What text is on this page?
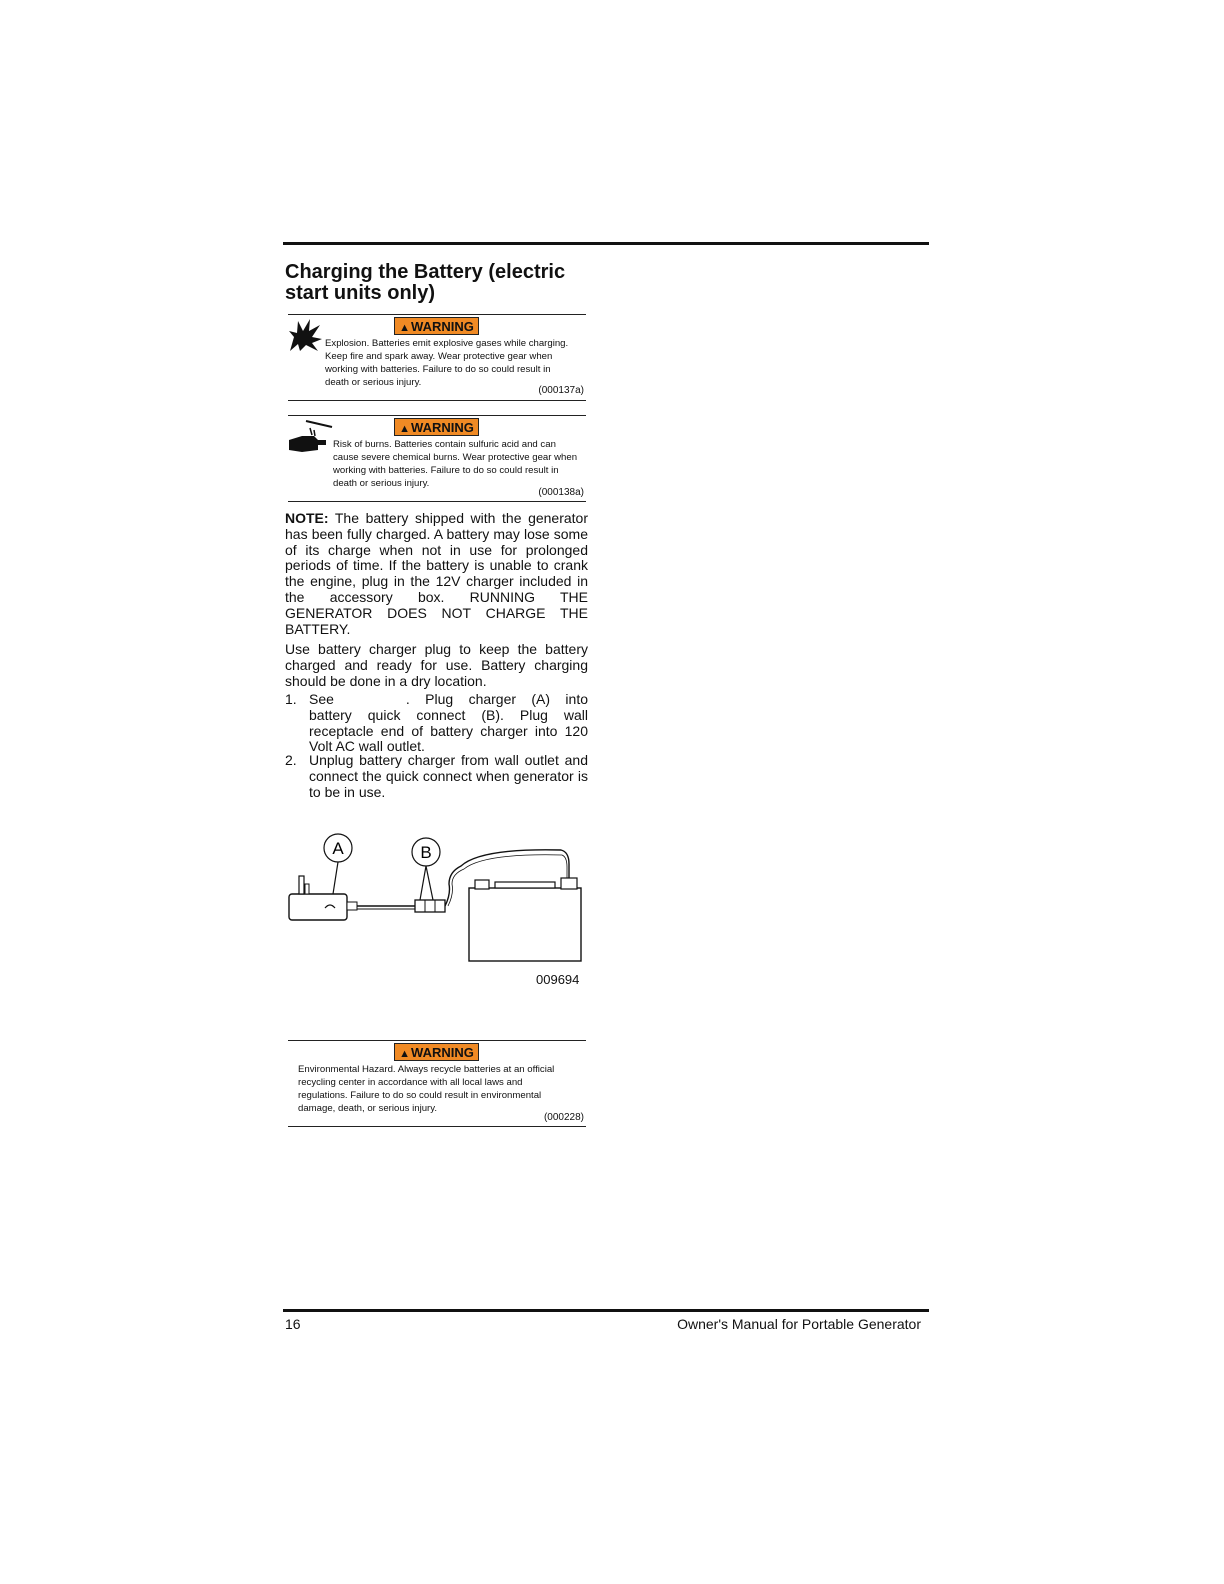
Charging the Battery (electric start units only)
▲WARNING
Explosion. Batteries emit explosive gases while charging. Keep fire and spark away. Wear protective gear when working with batteries. Failure to do so could result in death or serious injury.
(000137a)
▲WARNING
Risk of burns. Batteries contain sulfuric acid and can cause severe chemical burns. Wear protective gear when working with batteries. Failure to do so could result in death or serious injury.
(000138a)

NOTE: The battery shipped with the generator has been fully charged. A battery may lose some of its charge when not in use for prolonged periods of time. If the battery is unable to crank the engine, plug in the 12V charger included in the accessory box. RUNNING THE GENERATOR DOES NOT CHARGE THE BATTERY.

Use battery charger plug to keep the battery charged and ready for use. Battery charging should be done in a dry location.

1. See	. Plug charger (A) into battery quick connect (B). Plug wall receptacle end of battery charger into 120 Volt AC wall outlet.
2. Unplug battery charger from wall outlet and connect the quick connect when generator is to be in use.
A	B
009694
▲WARNING
Environmental Hazard. Always recycle batteries at an official recycling center in accordance with all local laws and regulations. Failure to do so could result in environmental damage, death, or serious injury.
(000228)
16	Owner's Manual for Portable Generator
